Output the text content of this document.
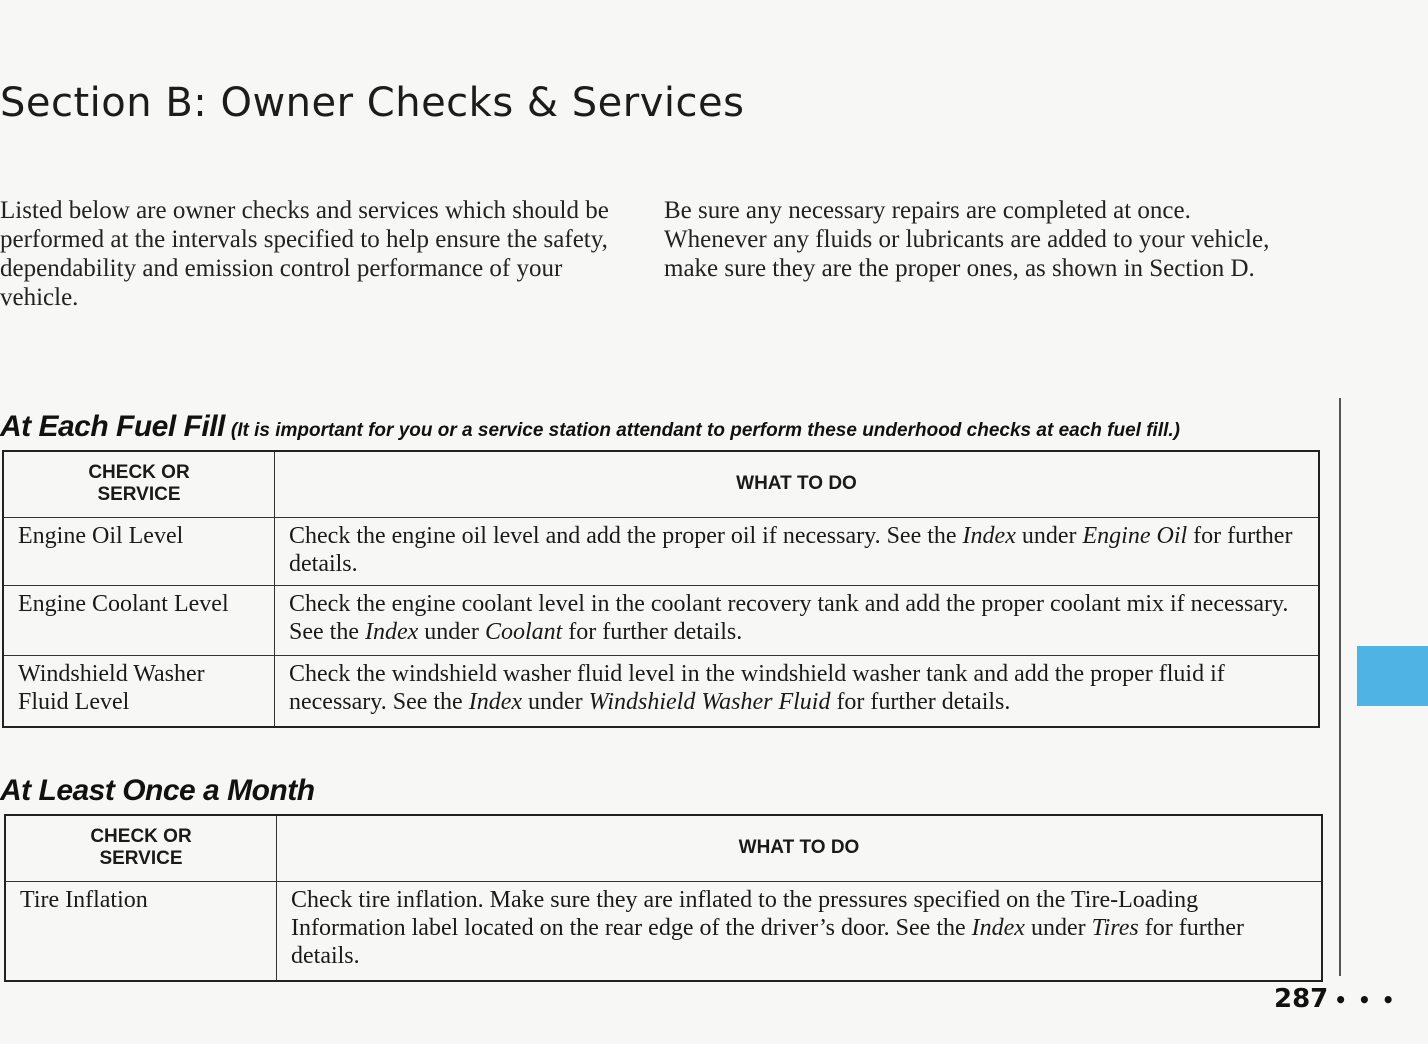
Section B: Owner Checks & Services
Listed below are owner checks and services which should be performed at the intervals specified to help ensure the safety, dependability and emission control performance of your vehicle.
Be sure any necessary repairs are completed at once. Whenever any fluids or lubricants are added to your vehicle, make sure they are the proper ones, as shown in Section D.
At Each Fuel Fill (It is important for you or a service station attendant to perform these underhood checks at each fuel fill.)
CHECK OR SERVICE	WHAT TO DO
Engine Oil Level	Check the engine oil level and add the proper oil if necessary. See the Index under Engine Oil for further details.
Engine Coolant Level	Check the engine coolant level in the coolant recovery tank and add the proper coolant mix if necessary. See the Index under Coolant for further details.
Windshield Washer Fluid Level	Check the windshield washer fluid level in the windshield washer tank and add the proper fluid if necessary. See the Index under Windshield Washer Fluid for further details.
At Least Once a Month
CHECK OR SERVICE	WHAT TO DO
Tire Inflation	Check tire inflation. Make sure they are inflated to the pressures specified on the Tire-Loading Information label located on the rear edge of the driver’s door. See the Index under Tires for further details.
287 • • •
